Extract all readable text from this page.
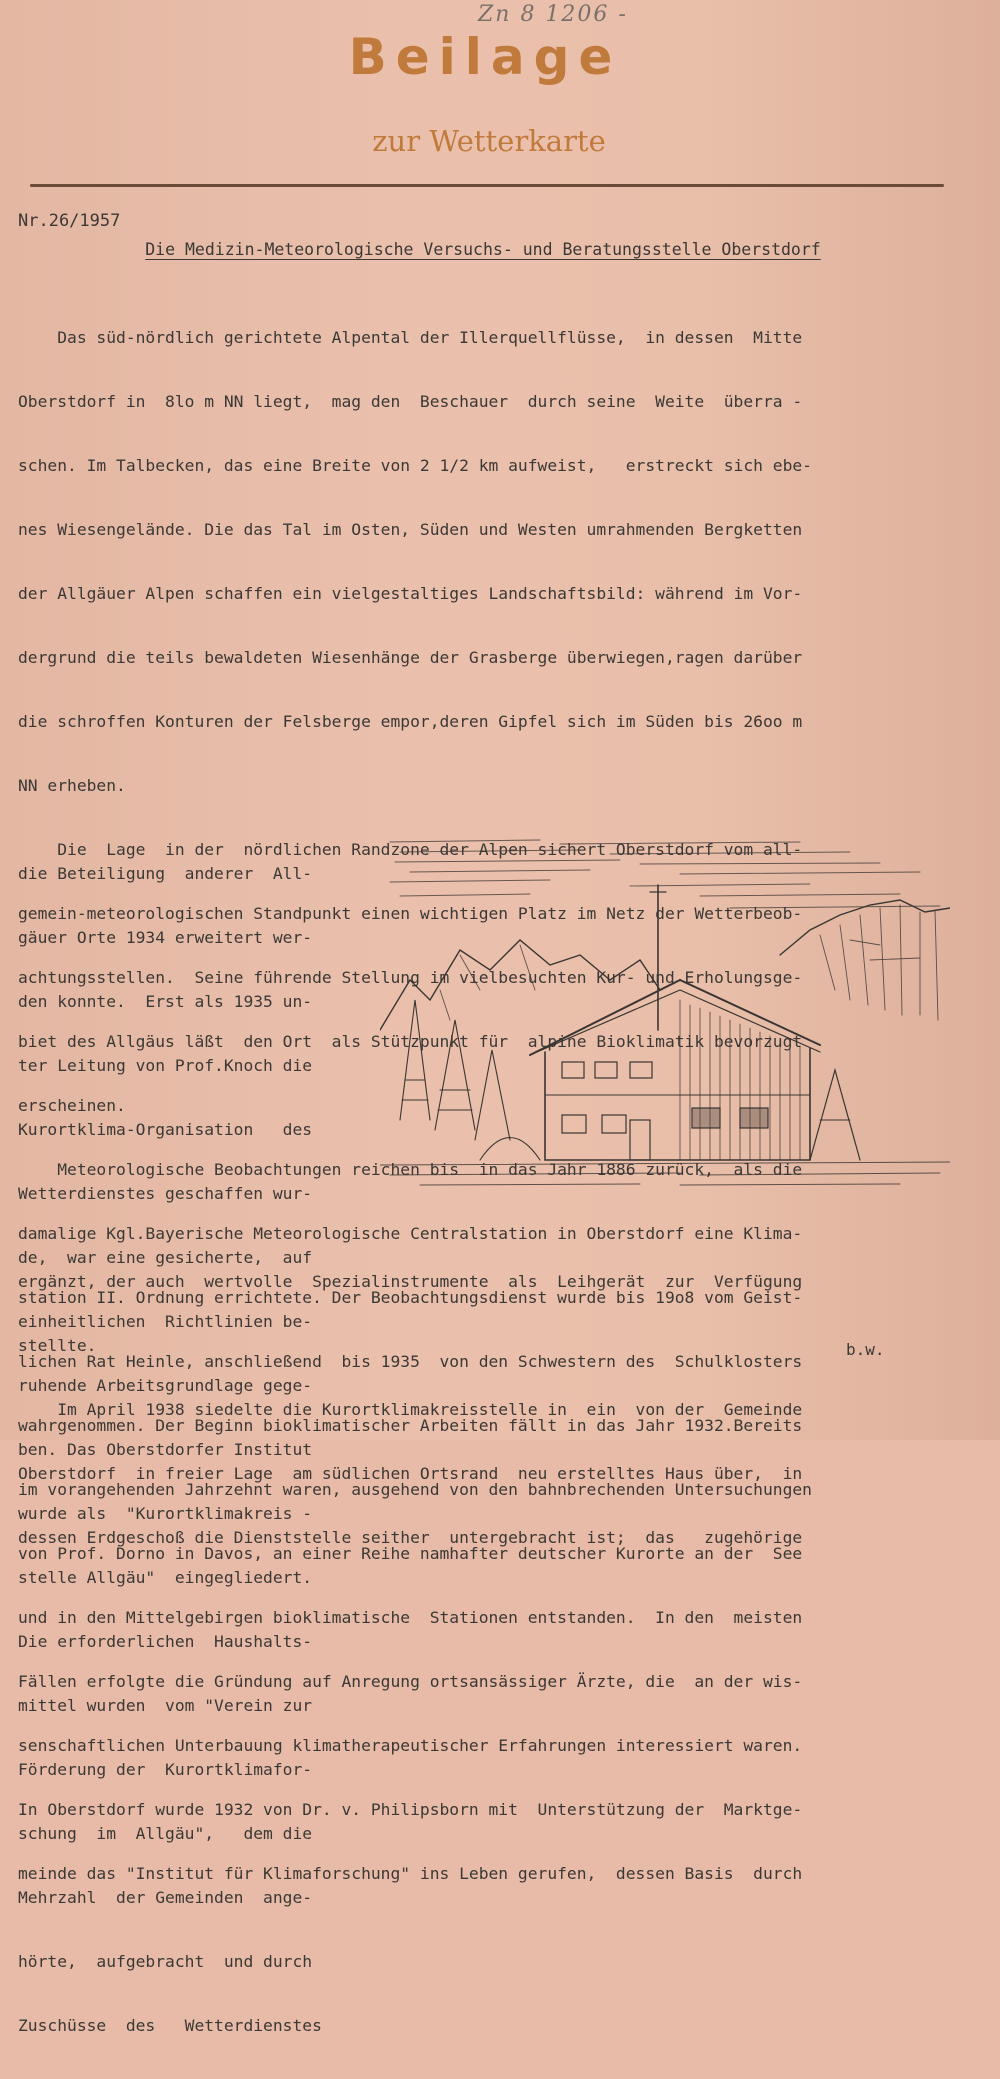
Zn 8 1206 -
Beilage
zur Wetterkarte
Nr.26/1957
Die Medizin-Meteorologische Versuchs- und Beratungsstelle Oberstdorf

Das süd-nördlich gerichtete Alpental der Illerquellflüsse,  in dessen  Mitte

Oberstdorf in  8lo m NN liegt,  mag den  Beschauer  durch seine  Weite  überra -

schen. Im Talbecken, das eine Breite von 2 1/2 km aufweist,   erstreckt sich ebe-

nes Wiesengelände. Die das Tal im Osten, Süden und Westen umrahmenden Bergketten

der Allgäuer Alpen schaffen ein vielgestaltiges Landschaftsbild: während im Vor-

dergrund die teils bewaldeten Wiesenhänge der Grasberge überwiegen,ragen darüber

die schroffen Konturen der Felsberge empor,deren Gipfel sich im Süden bis 26oo m

NN erheben.

Die  Lage  in der  nördlichen Randzone der Alpen sichert Oberstdorf vom all-

gemein-meteorologischen Standpunkt einen wichtigen Platz im Netz der Wetterbeob-

achtungsstellen.  Seine führende Stellung im vielbesuchten Kur- und Erholungsge-

biet des Allgäus läßt  den Ort  als Stützpunkt für  alpine Bioklimatik bevorzugt

erscheinen.

Meteorologische Beobachtungen reichen bis  in das Jahr 1886 zurück,  als die

damalige Kgl.Bayerische Meteorologische Centralstation in Oberstdorf eine Klima-

station II. Ordnung errichtete. Der Beobachtungsdienst wurde bis 19o8 vom Geist-

lichen Rat Heinle, anschließend  bis 1935  von den Schwestern des  Schulklosters

wahrgenommen. Der Beginn bioklimatischer Arbeiten fällt in das Jahr 1932.Bereits

im vorangehenden Jahrzehnt waren, ausgehend von den bahnbrechenden Untersuchungen

von Prof. Dorno in Davos, an einer Reihe namhafter deutscher Kurorte an der  See

und in den Mittelgebirgen bioklimatische  Stationen entstanden.  In den  meisten

Fällen erfolgte die Gründung auf Anregung ortsansässiger Ärzte, die  an der wis-

senschaftlichen Unterbauung klimatherapeutischer Erfahrungen interessiert waren.

In Oberstdorf wurde 1932 von Dr. v. Philipsborn mit  Unterstützung der  Marktge-

meinde das "Institut für Klimaforschung" ins Leben gerufen,  dessen Basis  durch

die Beteiligung  anderer  All-

gäuer Orte 1934 erweitert wer-

den konnte.  Erst als 1935 un-

ter Leitung von Prof.Knoch die

Kurortklima-Organisation   des

Wetterdienstes geschaffen wur-

de,  war eine gesicherte,  auf

einheitlichen  Richtlinien be-

ruhende Arbeitsgrundlage gege-

ben. Das Oberstdorfer Institut

wurde als  "Kurortklimakreis -

stelle Allgäu"  eingegliedert.

Die erforderlichen  Haushalts-

mittel wurden  vom "Verein zur

Förderung der  Kurortklimafor-

schung  im  Allgäu",   dem die

Mehrzahl  der Gemeinden  ange-

hörte,  aufgebracht  und durch

Zuschüsse  des   Wetterdienstes

ergänzt, der auch  wertvolle  Spezialinstrumente  als  Leihgerät  zur  Verfügung

stellte.

Im April 1938 siedelte die Kurortklimakreisstelle in  ein  von der  Gemeinde

Oberstdorf  in freier Lage  am südlichen Ortsrand  neu erstelltes Haus über,  in

dessen Erdgeschoß die Dienststelle seither  untergebracht ist;  das   zugehörige

b.w.
